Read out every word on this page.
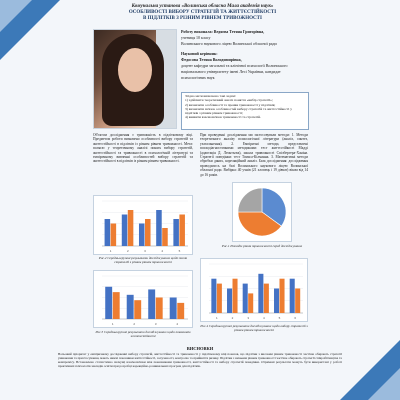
Комунальна установа «Волинська обласна Мала академія наук»
ОСОБЛИВОСТІ ВИБОРУ СТРАТЕГІЙ ТА ЖИТТЄСТІЙКОСТІ
В ПІДЛІТКІВ З РІЗНИМ РІВНЕМ ТРИВОЖНОСТІ

Роботу виконала: Ведяєва Тетяна Григорівна,

учениця 10 класу

Волинського наукового ліцею Волинської обласної ради

Науковий керівник:

Федосова Тетяна Володимирівна,

доцент кафедри загальної та клінічної психології Волинського

національного університету імені Лесі Українки, кандидат

психологічних наук

Згідно мети визначено такі задачі:
1) здійснити теоретичний аналіз поняття «вибір стратегії»;
2) визначити особливості та прояви тривожності у підлітків;
3) визначити зв'язок особливостей вибору стратегій та життєстійкості у підлітків з різним рівнем тривожності;
4) виявити взаємозв'язок тривожності та стратегій.
Об'єктом дослідження є тривожність в підлітковому віці. Предметом роботи визначено особливості вибору стратегій та життєстійкості в підлітків із різним рівнем тривожності. Мета: полягає у теоретичному аналізі понять вибору стратегій, життєстійкості та тривожності в психологічній літературі та емпіричному вивченні особливостей вибору стратегій та життєстійкості в підлітків із різним рівнем тривожності.
При проведенні дослідження ми застосовували методи: 1. Методи теоретичного аналізу психологічної літератури (аналіз, синтез, узагальнення). 2. Емпіричні методи, представлені психодіагностичними методиками: тест життєстійкості Мадді (адаптація Д. Леонтьєва), шкала тривожності Спілбергера-Ханіна. Стратегії поведінки: тест Томаса-Кілманна. 3. Математичні методи обробки даних, кореляційний аналіз. База дослідження: дослідження проводилось на базі Волинського наукового ліцею Волинської обласної ради. Вибірка: 40 учнів (21 хлопець і 19 дівчат) віком від 14 до 16 років.
Рис.1 Розподіл рівнів тривожності серед досліджуваних
1	2	3	4	5
Рис.2 Середньогрупові результати досліджуваних щодо типів стратегій з різним рівнем тривожності
1	2	3	4
Рис.3 Середньогрупові результати досліджуваних щодо показників життєстійкості
1	2	3	4	5	6
Рис.4 Середньогрупові результати досліджуваних щодо вибору стратегій з різним рівнем тривожності
ВИСНОВКИ
Вольовий пріоритет у емпіричному дослідженні вибору стратегій, життєстійкості та тривожності у підлітковому віці показав, що підлітки з високим рівнем тривожності частіше обирають стратегії уникнення та пристосування, мають нижчі показники життєстійкості, залученості, контролю та прийняття ризику. Підлітки з низьким рівнем тривожності частіше обирають стратегії співробітництва та компромісу. Встановлено статистично значущі взаємозв'язки між показниками тривожності, життєстійкості та вибору стратегій поведінки. Отримані результати можуть бути використані у роботі практичних психологів закладів освіти при розробці корекційно-розвивальних програм для підлітків.
